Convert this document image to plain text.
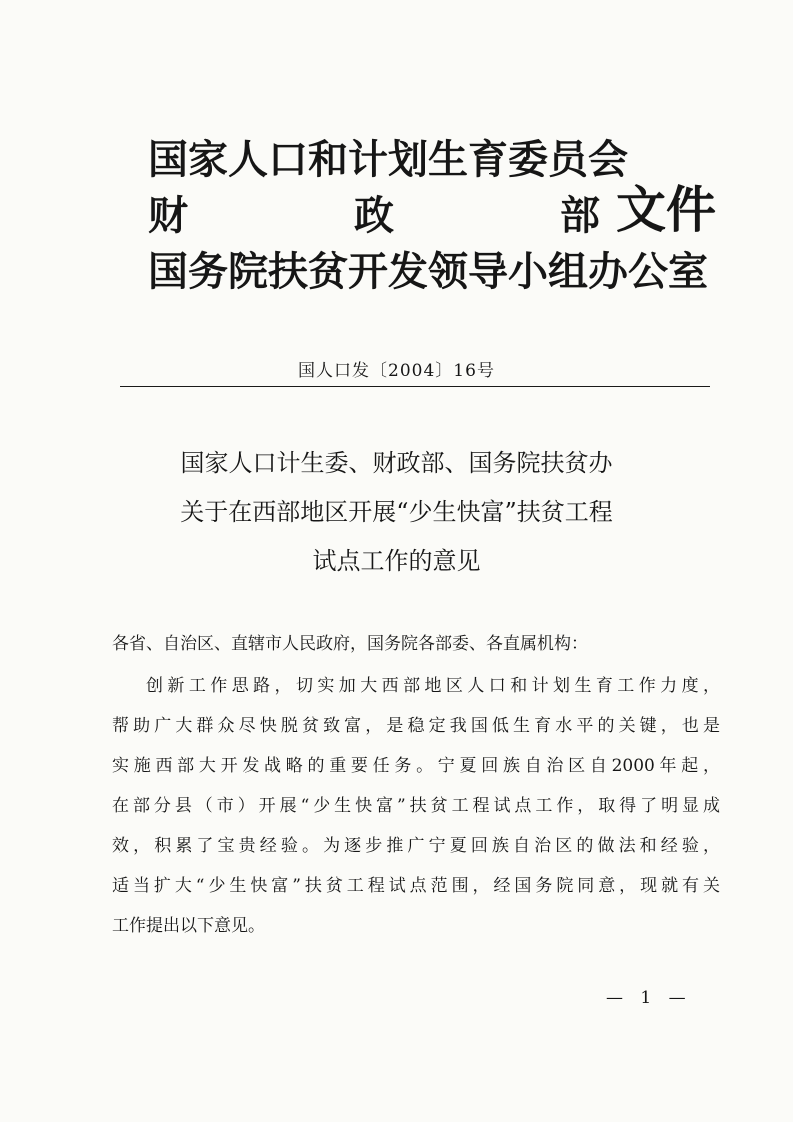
国家人口和计划生育委员会
财	政	部
国务院扶贫开发领导小组办公室
文件
国人口发〔2004〕16号
国家人口计生委、财政部、国务院扶贫办
关于在西部地区开展“少生快富”扶贫工程
试点工作的意见
各省、自治区、直辖市人民政府，国务院各部委、各直属机构：
创新工作思路，切实加大西部地区人口和计划生育工作力度，
帮助广大群众尽快脱贫致富，是稳定我国低生育水平的关键，也是
实施西部大开发战略的重要任务。宁夏回族自治区自2000年起，
在部分县（市）开展“少生快富”扶贫工程试点工作，取得了明显成
效，积累了宝贵经验。为逐步推广宁夏回族自治区的做法和经验，
适当扩大“少生快富”扶贫工程试点范围，经国务院同意，现就有关
工作提出以下意见。
— 1 —
